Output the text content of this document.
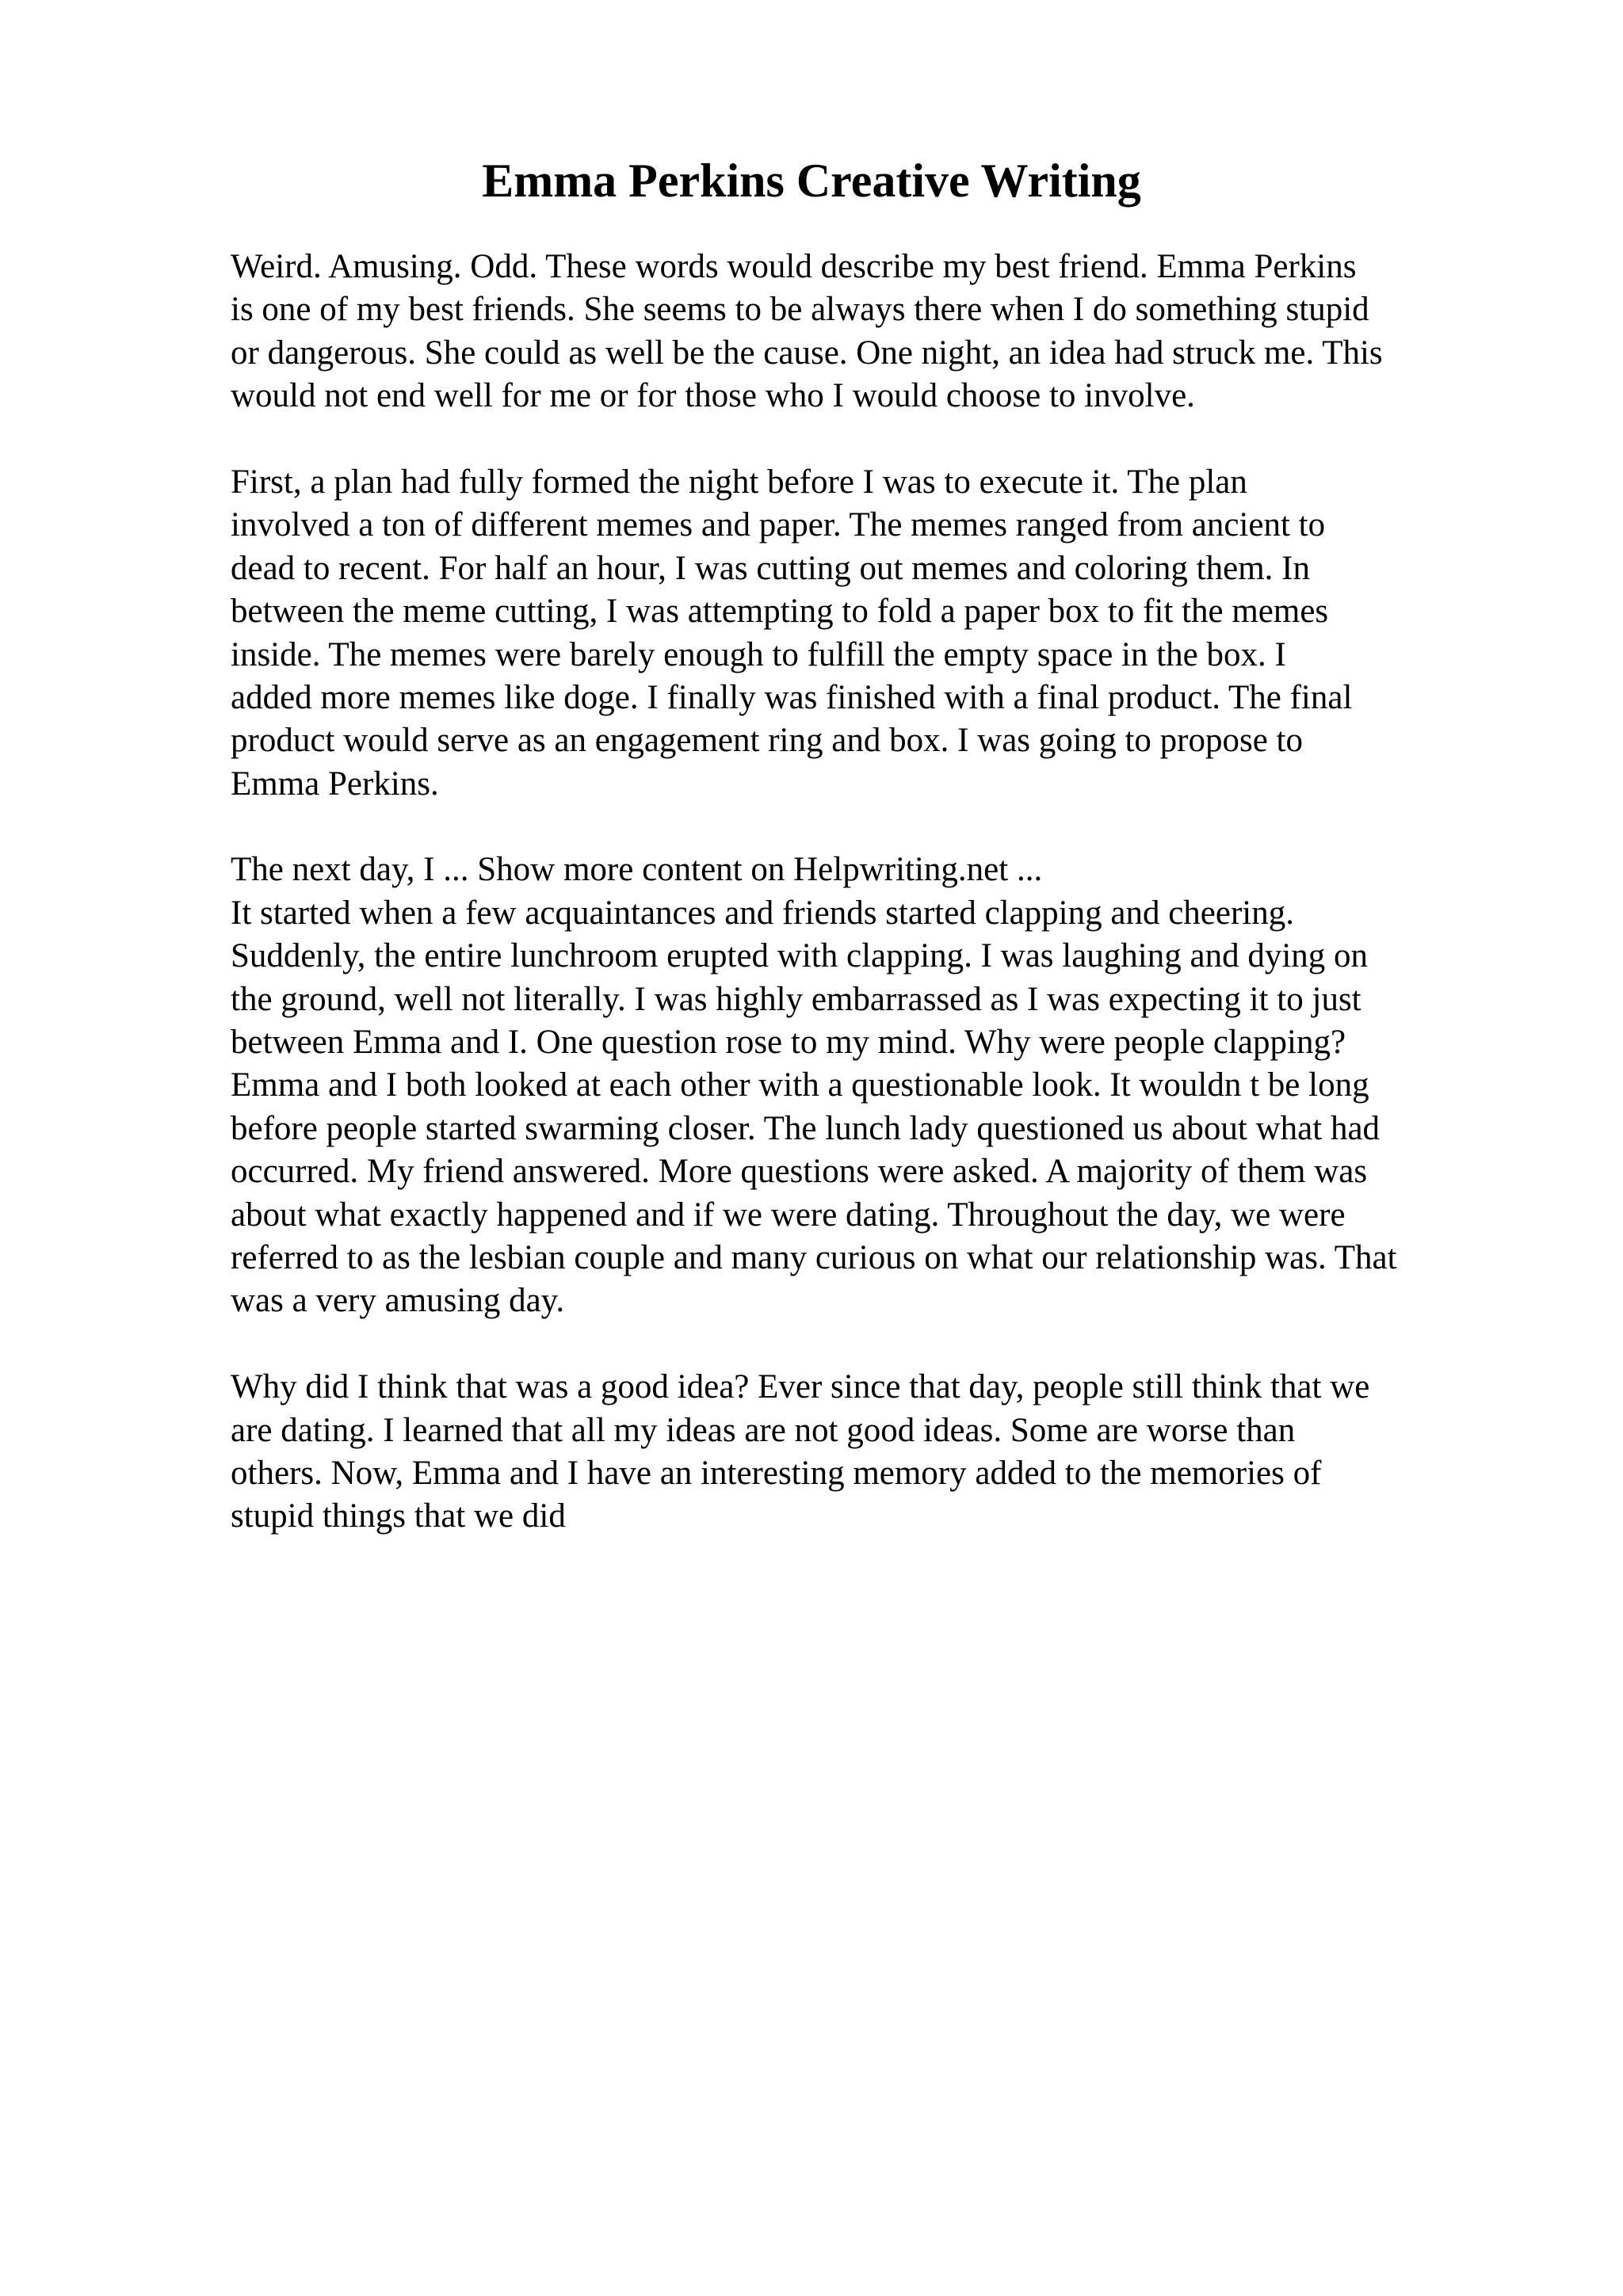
Emma Perkins Creative Writing
Weird. Amusing. Odd. These words would describe my best friend. Emma Perkins
is one of my best friends. She seems to be always there when I do something stupid
or dangerous. She could as well be the cause. One night, an idea had struck me. This
would not end well for me or for those who I would choose to involve.
First, a plan had fully formed the night before I was to execute it. The plan
involved a ton of different memes and paper. The memes ranged from ancient to
dead to recent. For half an hour, I was cutting out memes and coloring them. In
between the meme cutting, I was attempting to fold a paper box to fit the memes
inside. The memes were barely enough to fulfill the empty space in the box. I
added more memes like doge. I finally was finished with a final product. The final
product would serve as an engagement ring and box. I was going to propose to
Emma Perkins.
The next day, I ... Show more content on Helpwriting.net ...
It started when a few acquaintances and friends started clapping and cheering.
Suddenly, the entire lunchroom erupted with clapping. I was laughing and dying on
the ground, well not literally. I was highly embarrassed as I was expecting it to just
between Emma and I. One question rose to my mind. Why were people clapping?
Emma and I both looked at each other with a questionable look. It wouldn t be long
before people started swarming closer. The lunch lady questioned us about what had
occurred. My friend answered. More questions were asked. A majority of them was
about what exactly happened and if we were dating. Throughout the day, we were
referred to as the lesbian couple and many curious on what our relationship was. That
was a very amusing day.
Why did I think that was a good idea? Ever since that day, people still think that we
are dating. I learned that all my ideas are not good ideas. Some are worse than
others. Now, Emma and I have an interesting memory added to the memories of
stupid things that we did
